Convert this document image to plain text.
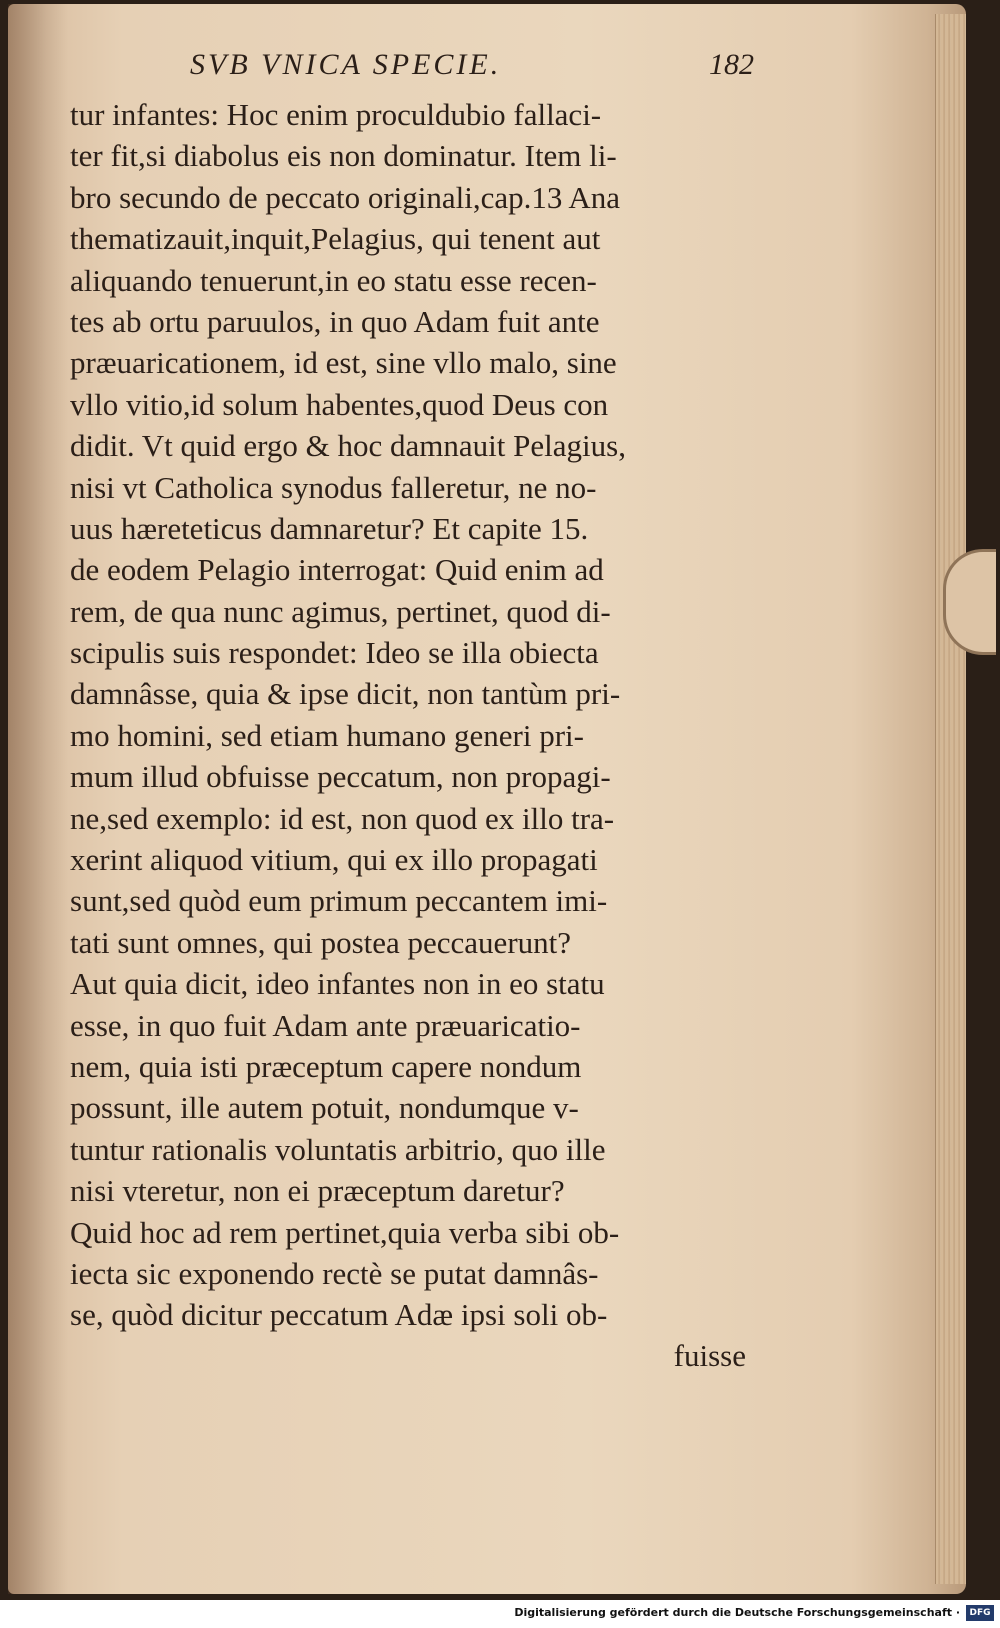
SVB VNICA SPECIE.	182
tur infantes: Hoc enim proculdubio fallaci-
ter fit,si diabolus eis non dominatur. Item li-
bro secundo de peccato originali,cap.13 Ana
thematizauit,inquit,Pelagius, qui tenent aut
aliquando tenuerunt,in eo statu esse recen-
tes ab ortu paruulos, in quo Adam fuit ante
præuaricationem, id est, sine vllo malo, sine
vllo vitio,id solum habentes,quod Deus con
didit. Vt quid ergo & hoc damnauit Pelagius,
nisi vt Catholica synodus falleretur, ne no-
uus hæreteticus damnaretur? Et capite 15.
de eodem Pelagio interrogat: Quid enim ad
rem, de qua nunc agimus, pertinet, quod di-
scipulis suis respondet: Ideo se illa obiecta
damnâsse, quia & ipse dicit, non tantùm pri-
mo homini, sed etiam humano generi pri-
mum illud obfuisse peccatum, non propagi-
ne,sed exemplo: id est, non quod ex illo tra-
xerint aliquod vitium, qui ex illo propagati
sunt,sed quòd eum primum peccantem imi-
tati sunt omnes, qui postea peccauerunt?
Aut quia dicit, ideo infantes non in eo statu
esse, in quo fuit Adam ante præuaricatio-
nem, quia isti præceptum capere nondum
possunt, ille autem potuit, nondumque v-
tuntur rationalis voluntatis arbitrio, quo ille
nisi vteretur, non ei præceptum daretur?
Quid hoc ad rem pertinet,quia verba sibi ob-
iecta sic exponendo rectè se putat damnâs-
se, quòd dicitur peccatum Adæ ipsi soli ob-
fuisse
Digitalisierung gefördert durch die Deutsche Forschungsgemeinschaft ·	DFG
